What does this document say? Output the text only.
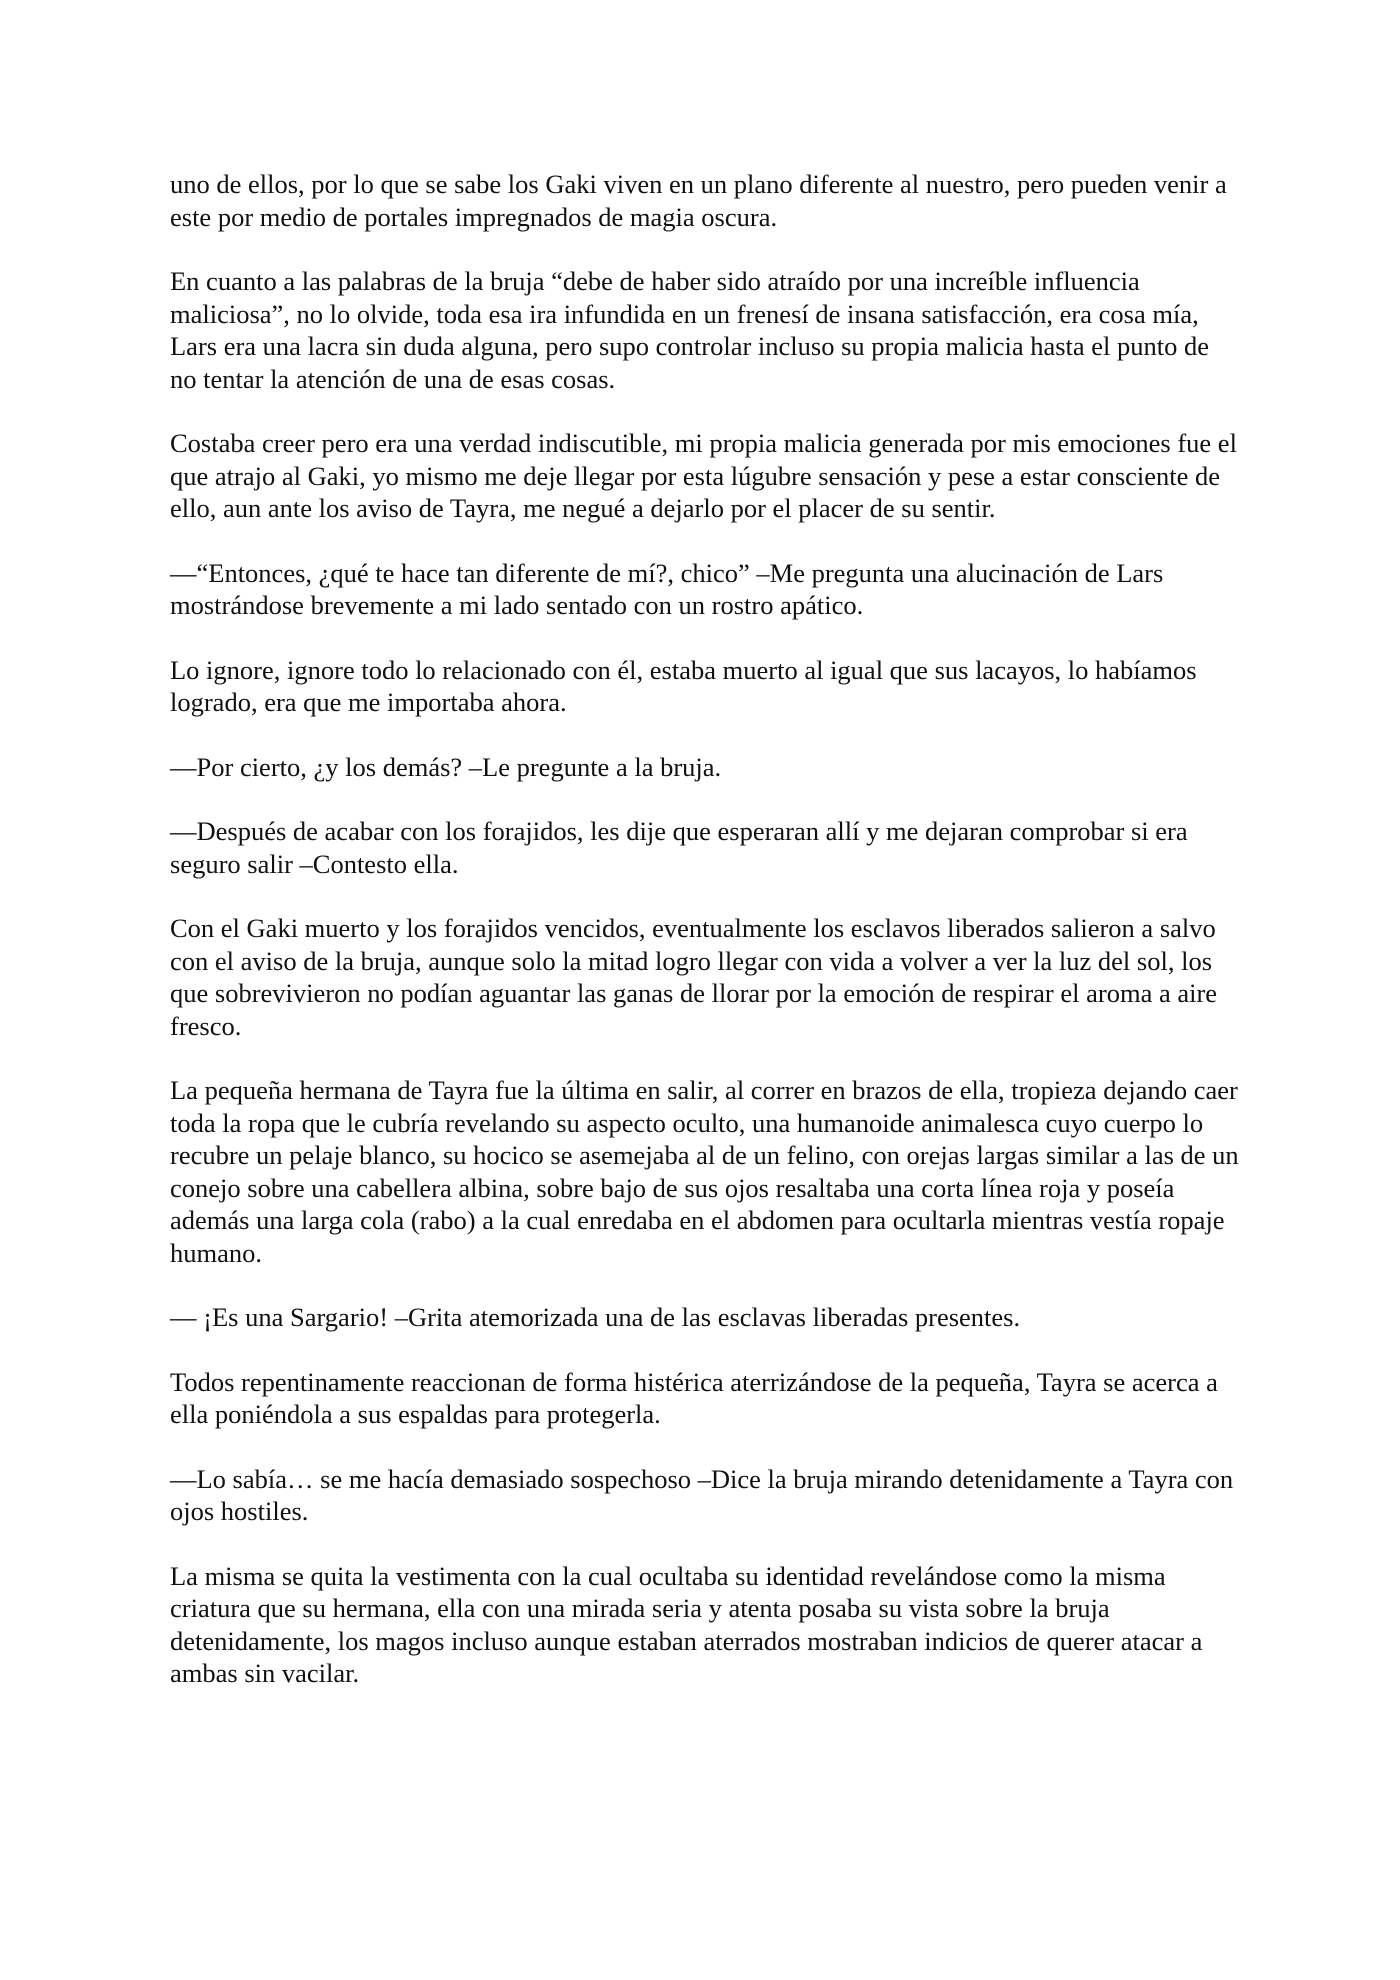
uno de ellos, por lo que se sabe los Gaki viven en un plano diferente al nuestro, pero pueden venir a este por medio de portales impregnados de magia oscura.

En cuanto a las palabras de la bruja “debe de haber sido atraído por una increíble influencia maliciosa”, no lo olvide, toda esa ira infundida en un frenesí de insana satisfacción, era cosa mía, Lars era una lacra sin duda alguna, pero supo controlar incluso su propia malicia hasta el punto de no tentar la atención de una de esas cosas.

Costaba creer pero era una verdad indiscutible, mi propia malicia generada por mis emociones fue el que atrajo al Gaki, yo mismo me deje llegar por esta lúgubre sensación y pese a estar consciente de ello, aun ante los aviso de Tayra, me negué a dejarlo por el placer de su sentir.

—“Entonces, ¿qué te hace tan diferente de mí?, chico” –Me pregunta una alucinación de Lars mostrándose brevemente a mi lado sentado con un rostro apático.

Lo ignore, ignore todo lo relacionado con él, estaba muerto al igual que sus lacayos, lo habíamos logrado, era que me importaba ahora.

—Por cierto, ¿y los demás? –Le pregunte a la bruja.

—Después de acabar con los forajidos, les dije que esperaran allí y me dejaran comprobar si era seguro salir –Contesto ella.

Con el Gaki muerto y los forajidos vencidos, eventualmente los esclavos liberados salieron a salvo con el aviso de la bruja, aunque solo la mitad logro llegar con vida a volver a ver la luz del sol, los que sobrevivieron no podían aguantar las ganas de llorar por la emoción de respirar el aroma a aire fresco.

La pequeña hermana de Tayra fue la última en salir, al correr en brazos de ella, tropieza dejando caer toda la ropa que le cubría revelando su aspecto oculto, una humanoide animalesca cuyo cuerpo lo recubre un pelaje blanco, su hocico se asemejaba al de un felino, con orejas largas similar a las de un conejo sobre una cabellera albina, sobre bajo de sus ojos resaltaba una corta línea roja y poseía además una larga cola (rabo) a la cual enredaba en el abdomen para ocultarla mientras vestía ropaje humano.

— ¡Es una Sargario! –Grita atemorizada una de las esclavas liberadas presentes.

Todos repentinamente reaccionan de forma histérica aterrizándose de la pequeña, Tayra se acerca a ella poniéndola a sus espaldas para protegerla.

—Lo sabía… se me hacía demasiado sospechoso –Dice la bruja mirando detenidamente a Tayra con ojos hostiles.

La misma se quita la vestimenta con la cual ocultaba su identidad revelándose como la misma criatura que su hermana, ella con una mirada seria y atenta posaba su vista sobre la bruja detenidamente, los magos incluso aunque estaban aterrados mostraban indicios de querer atacar a ambas sin vacilar.
